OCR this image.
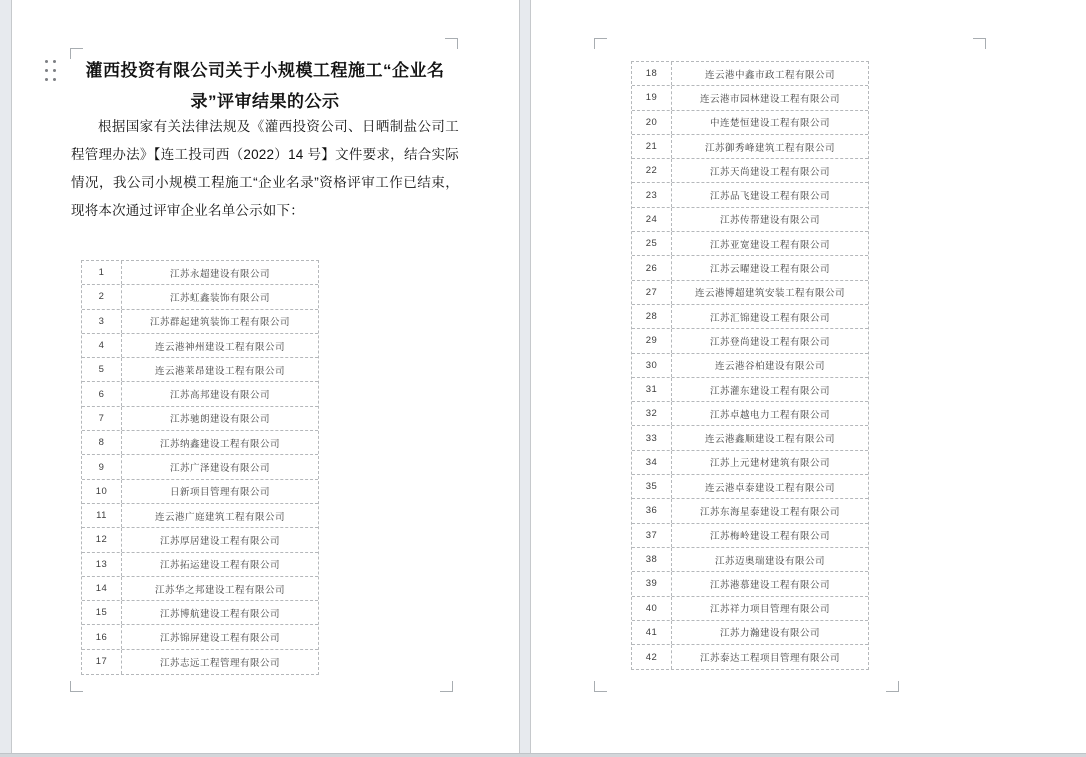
灌西投资有限公司关于小规模工程施工“企业名录”评审结果的公示
根据国家有关法律法规及《灌西投资公司、日晒制盐公司工程管理办法》【连工投司西（2022）14 号】文件要求，结合实际情况，我公司小规模工程施工“企业名录”资格评审工作已结束，现将本次通过评审企业名单公示如下：
1	江苏永超建设有限公司
2	江苏虹鑫装饰有限公司
3	江苏群起建筑装饰工程有限公司
4	连云港神州建设工程有限公司
5	连云港莱昂建设工程有限公司
6	江苏高邦建设有限公司
7	江苏驰朗建设有限公司
8	江苏纳鑫建设工程有限公司
9	江苏广泽建设有限公司
10	日新项目管理有限公司
11	连云港广庭建筑工程有限公司
12	江苏厚居建设工程有限公司
13	江苏拓运建设工程有限公司
14	江苏华之邦建设工程有限公司
15	江苏博航建设工程有限公司
16	江苏锦屏建设工程有限公司
17	江苏志远工程管理有限公司
18	连云港中鑫市政工程有限公司
19	连云港市园林建设工程有限公司
20	中连楚恒建设工程有限公司
21	江苏御秀峰建筑工程有限公司
22	江苏天尚建设工程有限公司
23	江苏品飞建设工程有限公司
24	江苏传帮建设有限公司
25	江苏亚宽建设工程有限公司
26	江苏云曜建设工程有限公司
27	连云港博超建筑安装工程有限公司
28	江苏汇锦建设工程有限公司
29	江苏登尚建设工程有限公司
30	连云港谷柏建设有限公司
31	江苏灌东建设工程有限公司
32	江苏卓越电力工程有限公司
33	连云港鑫顺建设工程有限公司
34	江苏上元建材建筑有限公司
35	连云港卓泰建设工程有限公司
36	江苏东海星泰建设工程有限公司
37	江苏梅岭建设工程有限公司
38	江苏迈奥瑞建设有限公司
39	江苏港慕建设工程有限公司
40	江苏祥力项目管理有限公司
41	江苏力瀚建设有限公司
42	江苏泰达工程项目管理有限公司
